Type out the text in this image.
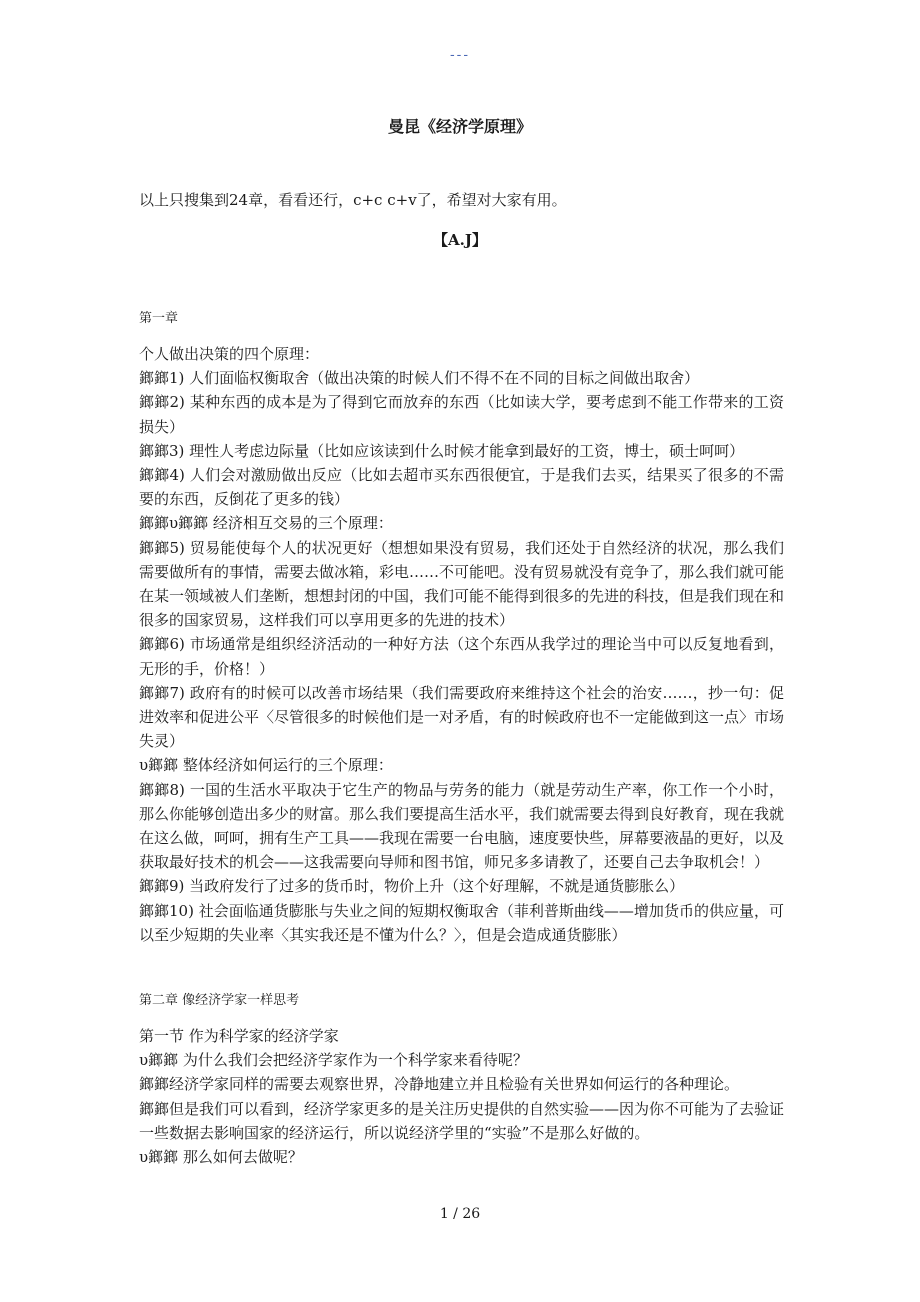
---
曼昆《经济学原理》
以上只搜集到24章，看看还行，c+c c+v了，希望对大家有用。
【A.J】
第一章

个人做出决策的四个原理：

鎯鎯1) 人们面临权衡取舍（做出决策的时候人们不得不在不同的目标之间做出取舍）

鎯鎯2) 某种东西的成本是为了得到它而放弃的东西（比如读大学，要考虑到不能工作带来的工资损失）

鎯鎯3) 理性人考虑边际量（比如应该读到什么时候才能拿到最好的工资，博士，硕士呵呵）

鎯鎯4) 人们会对激励做出反应（比如去超市买东西很便宜，于是我们去买，结果买了很多的不需要的东西，反倒花了更多的钱）

鎯鎯υ鎯鎯 经济相互交易的三个原理：

鎯鎯5) 贸易能使每个人的状况更好（想想如果没有贸易，我们还处于自然经济的状况，那么我们需要做所有的事情，需要去做冰箱，彩电……不可能吧。没有贸易就没有竞争了，那么我们就可能在某一领域被人们垄断，想想封闭的中国，我们可能不能得到很多的先进的科技，但是我们现在和很多的国家贸易，这样我们可以享用更多的先进的技术）

鎯鎯6) 市场通常是组织经济活动的一种好方法（这个东西从我学过的理论当中可以反复地看到，无形的手，价格！）

鎯鎯7) 政府有的时候可以改善市场结果（我们需要政府来维持这个社会的治安……，抄一句：促进效率和促进公平〈尽管很多的时候他们是一对矛盾，有的时候政府也不一定能做到这一点〉市场失灵）

υ鎯鎯 整体经济如何运行的三个原理：

鎯鎯8) 一国的生活水平取决于它生产的物品与劳务的能力（就是劳动生产率，你工作一个小时，那么你能够创造出多少的财富。那么我们要提高生活水平，我们就需要去得到良好教育，现在我就在这么做，呵呵，拥有生产工具——我现在需要一台电脑，速度要快些，屏幕要液晶的更好，以及获取最好技术的机会——这我需要向导师和图书馆，师兄多多请教了，还要自己去争取机会！）

鎯鎯9) 当政府发行了过多的货币时，物价上升（这个好理解，不就是通货膨胀么）

鎯鎯10) 社会面临通货膨胀与失业之间的短期权衡取舍（菲利普斯曲线——增加货币的供应量，可以至少短期的失业率〈其实我还是不懂为什么？〉，但是会造成通货膨胀）

第二章 像经济学家一样思考

第一节 作为科学家的经济学家

υ鎯鎯 为什么我们会把经济学家作为一个科学家来看待呢？

鎯鎯经济学家同样的需要去观察世界，冷静地建立并且检验有关世界如何运行的各种理论。

鎯鎯但是我们可以看到，经济学家更多的是关注历史提供的自然实验——因为你不可能为了去验证一些数据去影响国家的经济运行，所以说经济学里的“实验”不是那么好做的。

υ鎯鎯 那么如何去做呢？

1 / 26
